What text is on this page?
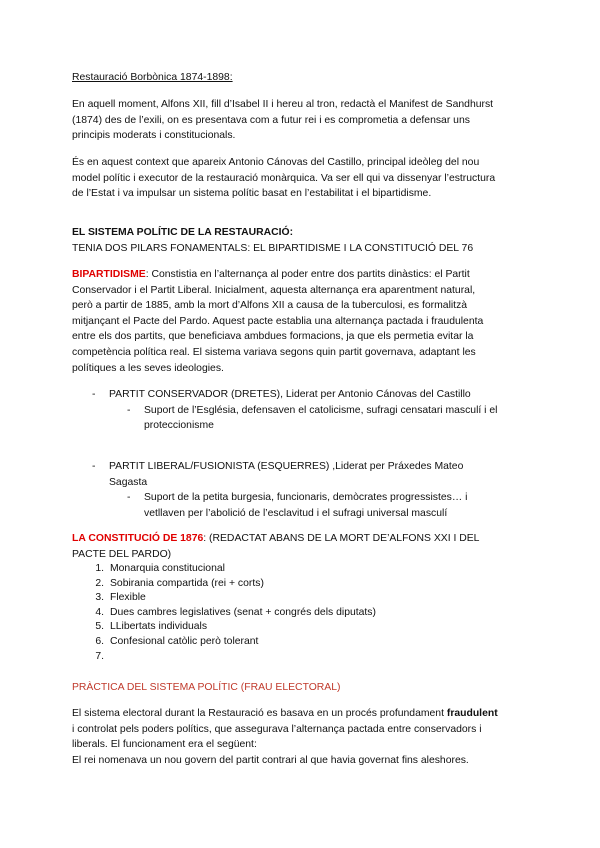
Restauració Borbònica 1874-1898:
En aquell moment, Alfons XII, fill d’Isabel II i hereu al tron, redactà el Manifest de Sandhurst
(1874) des de l’exili, on es presentava com a futur rei i es comprometia a defensar uns
principis moderats i constitucionals.
És en aquest context que apareix Antonio Cánovas del Castillo, principal ideòleg del nou
model polític i executor de la restauració monàrquica. Va ser ell qui va dissenyar l’estructura
de l’Estat i va impulsar un sistema polític basat en l’estabilitat i el bipartidisme.
EL SISTEMA POLÍTIC DE LA RESTAURACIÓ:
TENIA DOS PILARS FONAMENTALS: EL BIPARTIDISME I LA CONSTITUCIÓ DEL 76
BIPARTIDISME: Constistia en l’alternança al poder entre dos partits dinàstics: el Partit
Conservador i el Partit Liberal. Inicialment, aquesta alternança era aparentment natural,
però a partir de 1885, amb la mort d’Alfons XII a causa de la tuberculosi, es formalitzà
mitjançant el Pacte del Pardo. Aquest pacte establia una alternança pactada i fraudulenta
entre els dos partits, que beneficiava ambdues formacions, ja que els permetia evitar la
competència política real. El sistema variava segons quin partit governava, adaptant les
polítiques a les seves ideologies.
- PARTIT CONSERVADOR (DRETES), Liderat per Antonio Cánovas del Castillo
- Suport de l’Església, defensaven el catolicisme, sufragi censatari masculí i el
proteccionisme
- PARTIT LIBERAL/FUSIONISTA (ESQUERRES) ,Liderat per Práxedes Mateo
Sagasta
- Suport de la petita burgesia, funcionaris, demòcrates progressistes… i
vetllaven per l’abolició de l’esclavitud i el sufragi universal masculí
LA CONSTITUCIÓ DE 1876: (REDACTAT ABANS DE LA MORT DE’ALFONS XXI I DEL
PACTE DEL PARDO)
1. Monarquia constitucional
2. Sobirania compartida (rei + corts)
3. Flexible
4. Dues cambres legislatives (senat + congrés dels diputats)
5. LLibertats individuals
6. Confesional catòlic però tolerant
7.
PRÀCTICA DEL SISTEMA POLÍTIC (FRAU ELECTORAL)
El sistema electoral durant la Restauració es basava en un procés profundament fraudulent
i controlat pels poders polítics, que assegurava l’alternança pactada entre conservadors i
liberals. El funcionament era el següent:
El rei nomenava un nou govern del partit contrari al que havia governat fins aleshores.
